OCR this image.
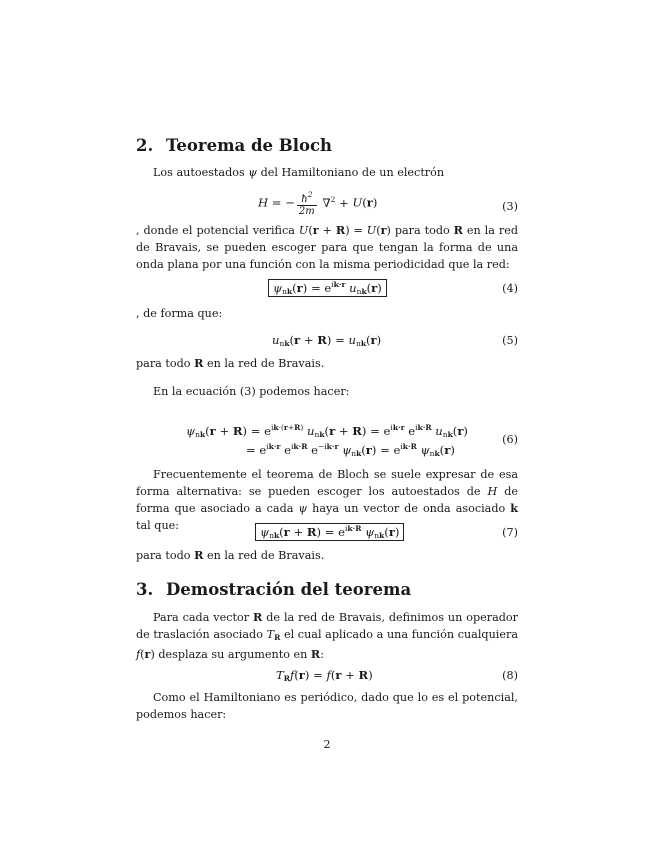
2. Teorema de Bloch

Los autoestados ψ del Hamiltoniano de un electrón

H = − $\frac{ħ^2}{2m} \nabla^2 + U(r)$	(3)

, donde el potencial verifica U(r + R) = U(r) para todo R en la red de Bravais, se pueden escoger para que tengan la forma de una onda plana por una función con la misma periodicidad que la red:

$\psi_{nk}(r) = e^{ik\cdot r}$ $u_{nk}(r)$	(4)

, de forma que:

$u_{nk}(r + R) = u_{nk}(r)$	(5)

para todo R en la red de Bravais.

En la ecuación (3) podemos hacer:

$\psi_{nk}(r + R) = e^{ik\cdot(r+R)}$ $u_{nk}(r + R) = e^{ik\cdot r}$ $e^{ik\cdot R}$ $u_{nk}(r)$
= $e^{ik\cdot r}$ $e^{ik\cdot R}$ $e^{-ik\cdot r}$ $\psi_{nk}(r) = e^{ik\cdot R}$ $\psi_{nk}(r)$
(6)

Frecuentemente el teorema de Bloch se suele expresar de esa forma alternativa: se pueden escoger los autoestados de H de forma que asociado a cada ψ haya un vector de onda asociado k tal que:	$\psi_{nk}(r + R) = e^{ik\cdot R}$ $\psi_{nk}(r)$	(7)

para todo R en la red de Bravais.

3. Demostración del teorema

Para cada vector R de la red de Bravais, definimos un operador de traslación asociado $T_R$ el cual aplicado a una función cualquiera f(r) desplaza su argumento en R:

$T_Rf(r) = f(r + R)$	(8)

Como el Hamiltoniano es periódico, dado que lo es el potencial, podemos hacer:

2
